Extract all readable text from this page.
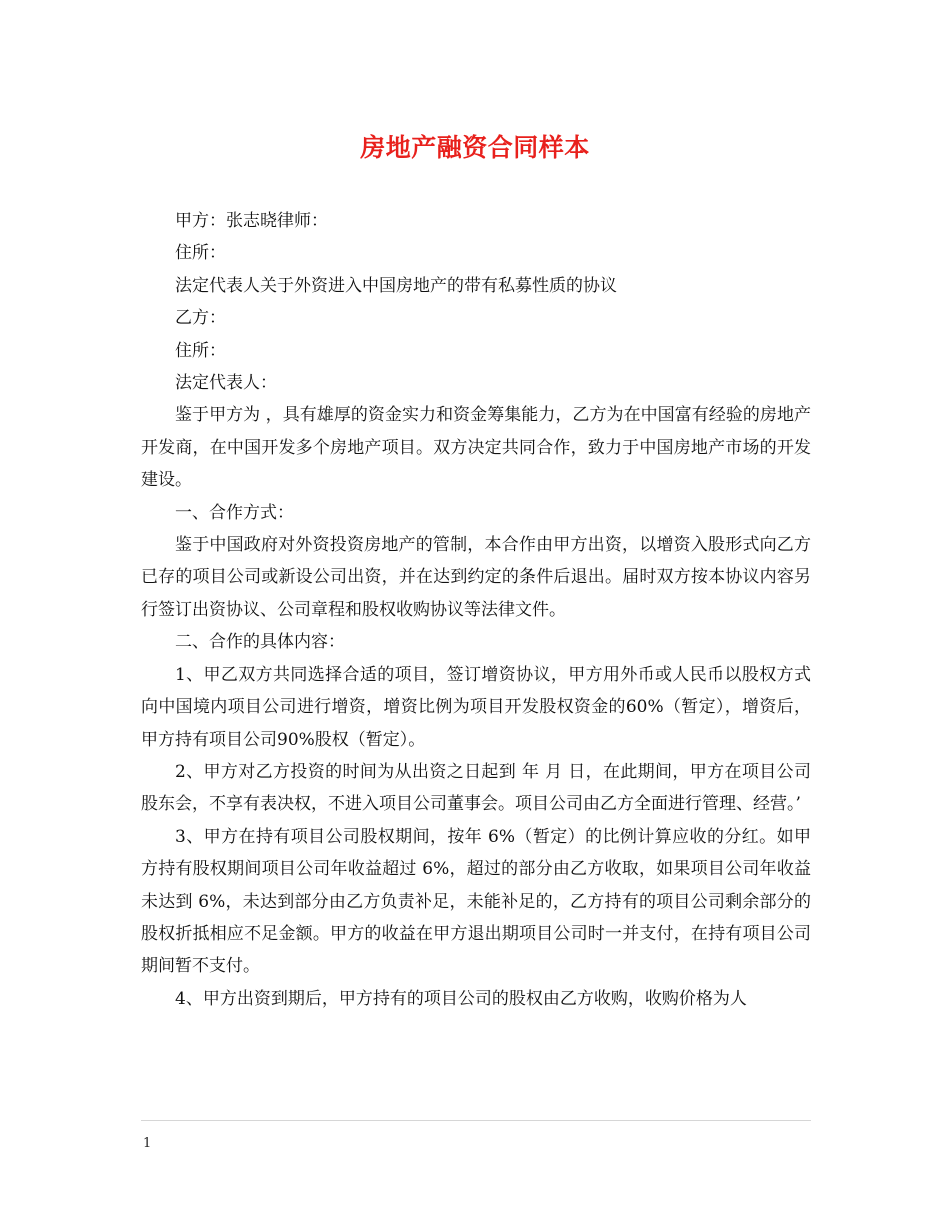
房地产融资合同样本

甲方：张志晓律师：

住所：

法定代表人关于外资进入中国房地产的带有私募性质的协议

乙方：

住所：

法定代表人：

鉴于甲方为 ，具有雄厚的资金实力和资金筹集能力，乙方为在中国富有经验的房地产开发商，在中国开发多个房地产项目。双方决定共同合作，致力于中国房地产市场的开发建设。

一、合作方式：

鉴于中国政府对外资投资房地产的管制，本合作由甲方出资，以增资入股形式向乙方已存的项目公司或新设公司出资，并在达到约定的条件后退出。届时双方按本协议内容另行签订出资协议、公司章程和股权收购协议等法律文件。

二、合作的具体内容：

1、甲乙双方共同选择合适的项目，签订增资协议，甲方用外币或人民币以股权方式向中国境内项目公司进行增资，增资比例为项目开发股权资金的60%（暂定），增资后，甲方持有项目公司90%股权（暂定）。

2、甲方对乙方投资的时间为从出资之日起到 年 月 日，在此期间，甲方在项目公司股东会，不享有表决权，不进入项目公司董事会。项目公司由乙方全面进行管理、经营。’

3、甲方在持有项目公司股权期间，按年 6%（暂定）的比例计算应收的分红。如甲方持有股权期间项目公司年收益超过 6%，超过的部分由乙方收取，如果项目公司年收益未达到 6%，未达到部分由乙方负责补足，未能补足的，乙方持有的项目公司剩余部分的股权折抵相应不足金额。甲方的收益在甲方退出期项目公司时一并支付，在持有项目公司期间暂不支付。

4、甲方出资到期后，甲方持有的项目公司的股权由乙方收购，收购价格为人

1
